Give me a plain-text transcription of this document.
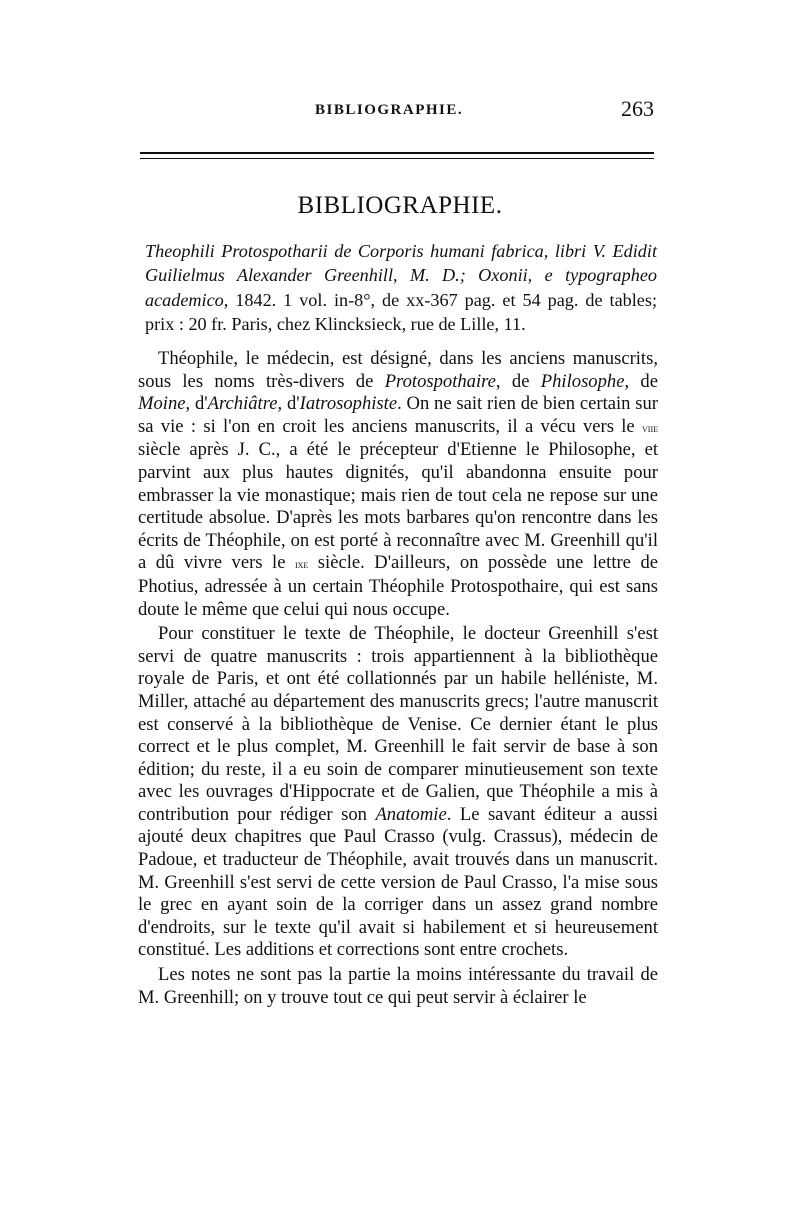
BIBLIOGRAPHIE.	263
BIBLIOGRAPHIE.
Theophili Protospotharii de Corporis humani fabrica, libri V. Edidit Guilielmus Alexander Greenhill, M. D.; Oxonii, e typographeo academico, 1842. 1 vol. in-8°, de xx-367 pag. et 54 pag. de tables; prix : 20 fr. Paris, chez Klincksieck, rue de Lille, 11.

Théophile, le médecin, est désigné, dans les anciens manuscrits, sous les noms très-divers de Protospothaire, de Philosophe, de Moine, d'Archiâtre, d'Iatrosophiste. On ne sait rien de bien certain sur sa vie : si l'on en croit les anciens manuscrits, il a vécu vers le viie siècle après J. C., a été le précepteur d'Etienne le Philosophe, et parvint aux plus hautes dignités, qu'il abandonna ensuite pour embrasser la vie monastique; mais rien de tout cela ne repose sur une certitude absolue. D'après les mots barbares qu'on rencontre dans les écrits de Théophile, on est porté à reconnaître avec M. Greenhill qu'il a dû vivre vers le ixe siècle. D'ailleurs, on possède une lettre de Photius, adressée à un certain Théophile Protospothaire, qui est sans doute le même que celui qui nous occupe.

Pour constituer le texte de Théophile, le docteur Greenhill s'est servi de quatre manuscrits : trois appartiennent à la bibliothèque royale de Paris, et ont été collationnés par un habile helléniste, M. Miller, attaché au département des manuscrits grecs; l'autre manuscrit est conservé à la bibliothèque de Venise. Ce dernier étant le plus correct et le plus complet, M. Greenhill le fait servir de base à son édition; du reste, il a eu soin de comparer minutieusement son texte avec les ouvrages d'Hippocrate et de Galien, que Théophile a mis à contribution pour rédiger son Anatomie. Le savant éditeur a aussi ajouté deux chapitres que Paul Crasso (vulg. Crassus), médecin de Padoue, et traducteur de Théophile, avait trouvés dans un manuscrit. M. Greenhill s'est servi de cette version de Paul Crasso, l'a mise sous le grec en ayant soin de la corriger dans un assez grand nombre d'endroits, sur le texte qu'il avait si habilement et si heureusement constitué. Les additions et corrections sont entre crochets.

Les notes ne sont pas la partie la moins intéressante du travail de M. Greenhill; on y trouve tout ce qui peut servir à éclairer le
